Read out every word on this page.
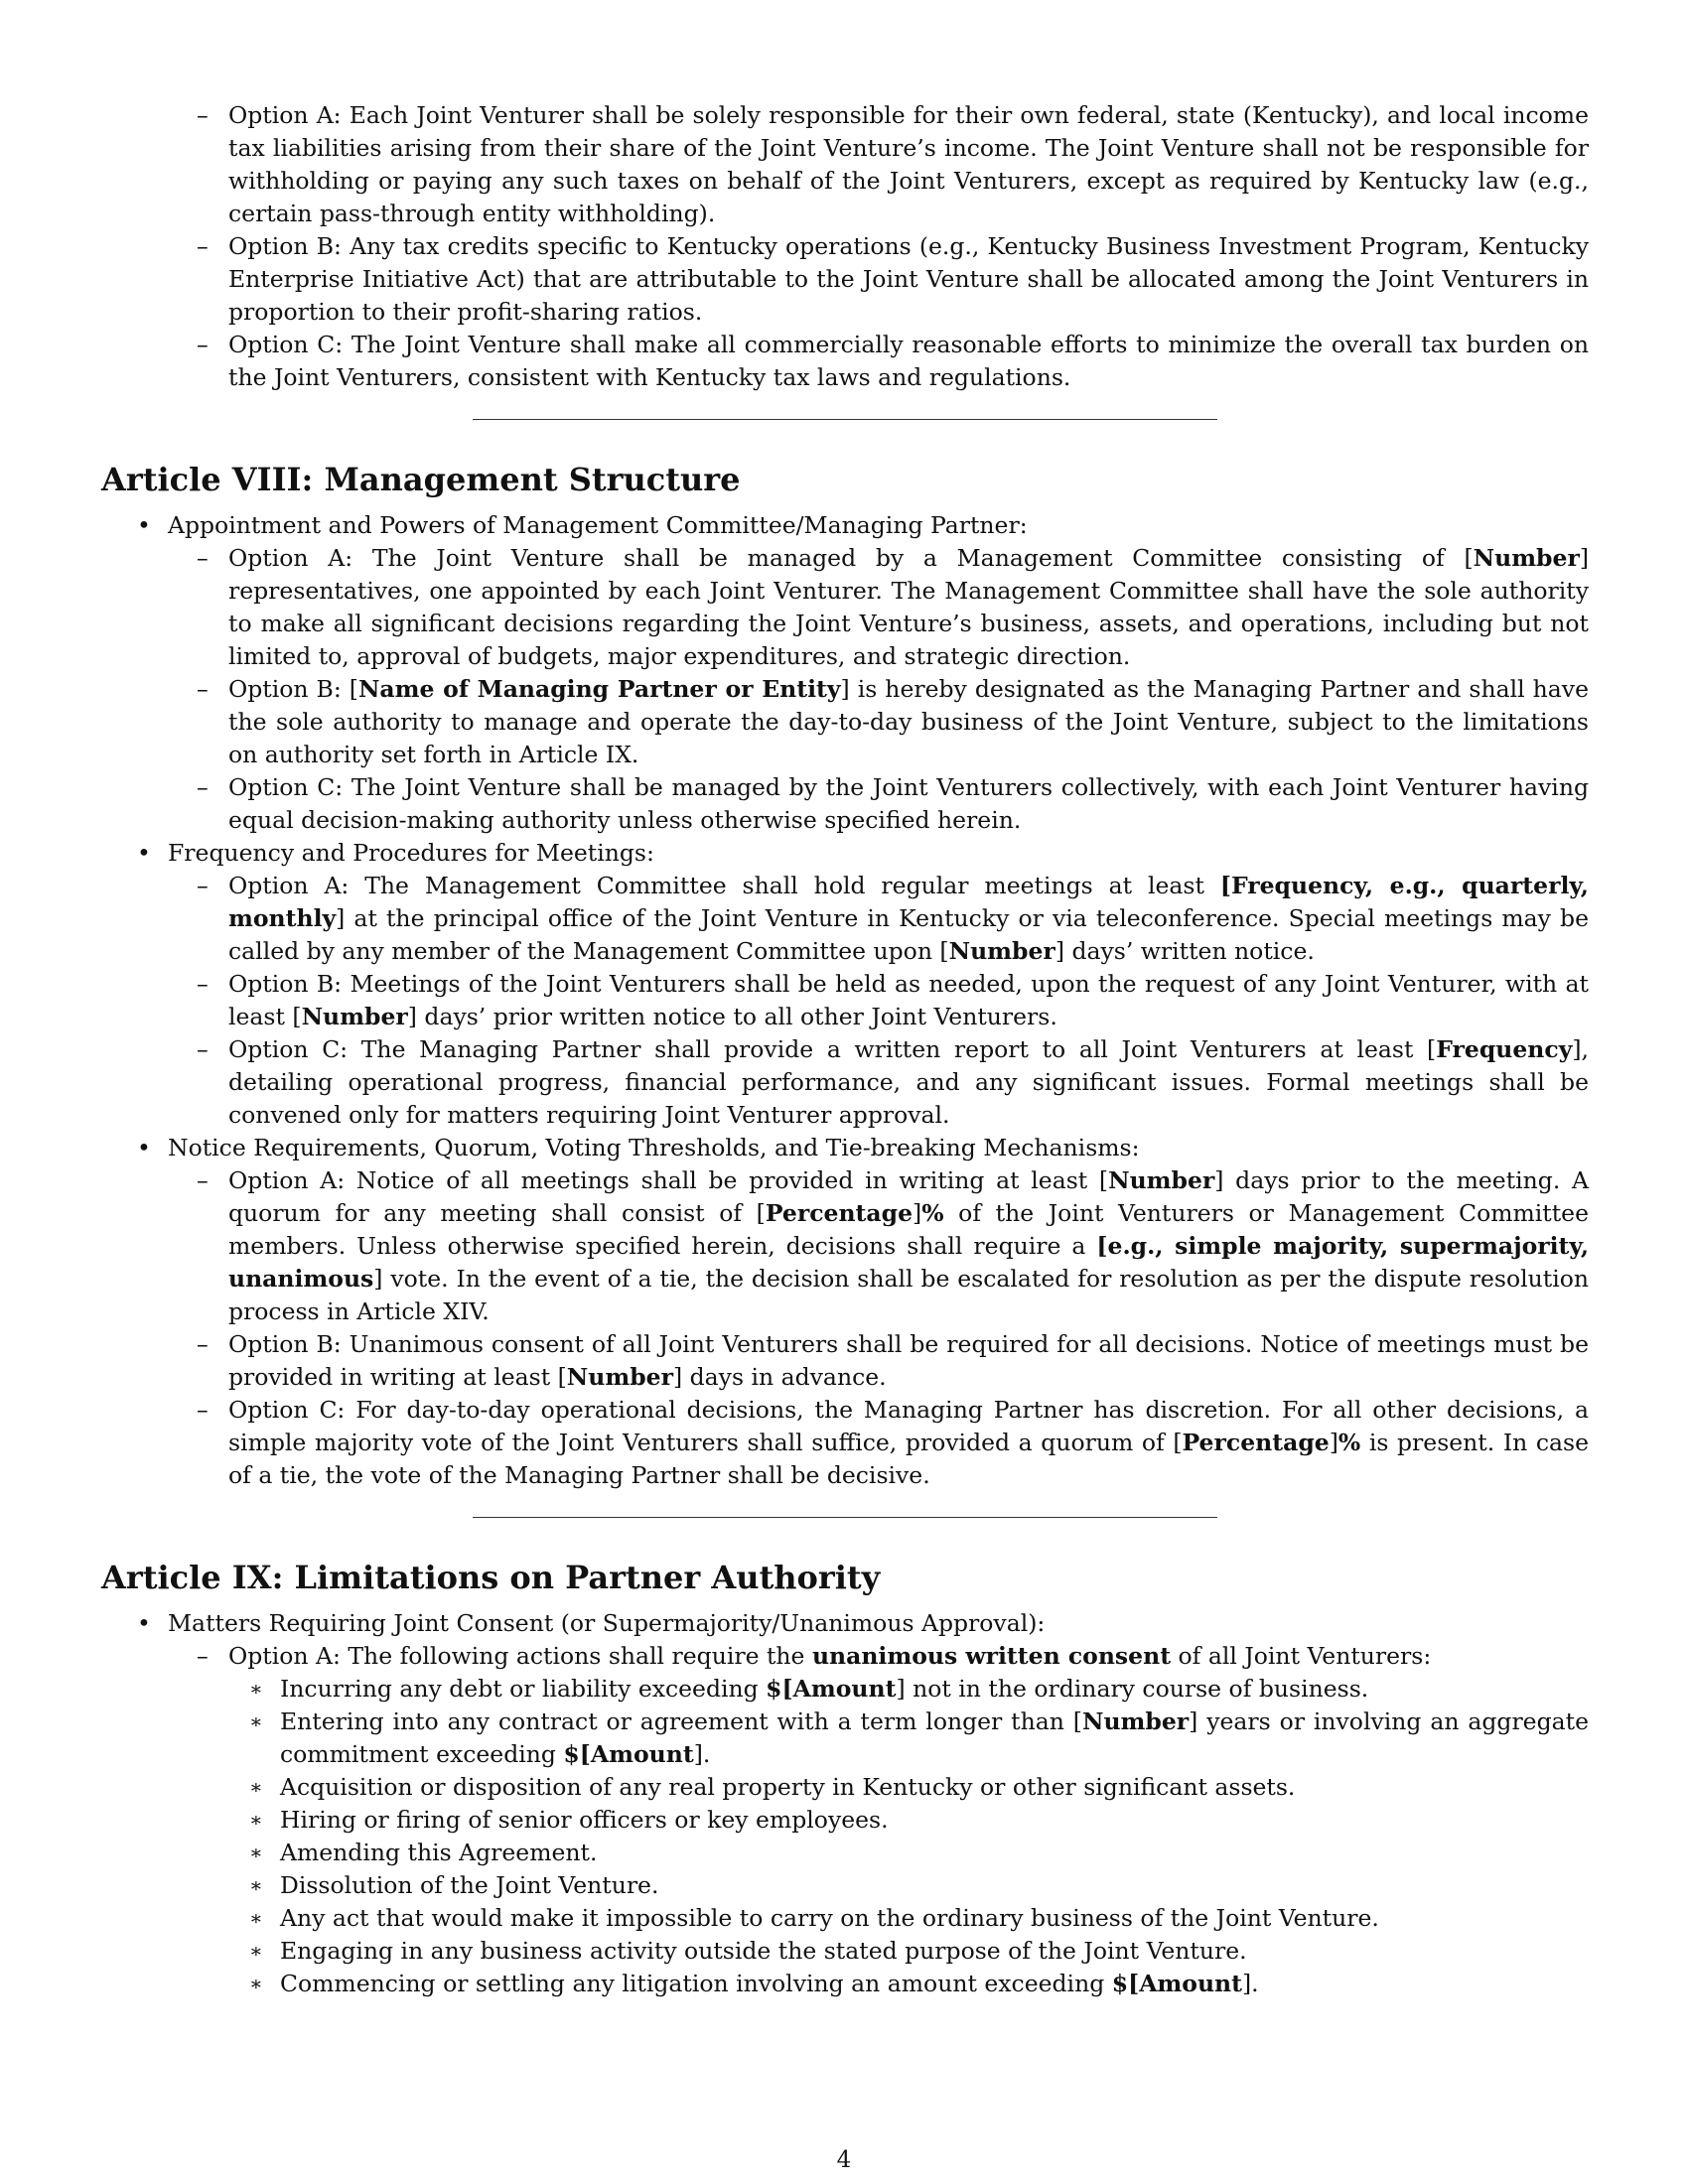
– Option A: Each Joint Venturer shall be solely responsible for their own federal, state (Kentucky), and local income tax liabilities arising from their share of the Joint Venture’s income. The Joint Venture shall not be responsible for withholding or paying any such taxes on behalf of the Joint Venturers, except as required by Kentucky law (e.g., certain pass-through entity withholding).
– Option B: Any tax credits specific to Kentucky operations (e.g., Kentucky Business Investment Program, Kentucky Enterprise Initiative Act) that are attributable to the Joint Venture shall be allocated among the Joint Venturers in proportion to their profit-sharing ratios.
– Option C: The Joint Venture shall make all commercially reasonable efforts to minimize the overall tax burden on the Joint Venturers, consistent with Kentucky tax laws and regulations.
Article VIII: Management Structure
• Appointment and Powers of Management Committee/Managing Partner:
– Option A: The Joint Venture shall be managed by a Management Committee consisting of [Number] representatives, one appointed by each Joint Venturer. The Management Committee shall have the sole authority to make all significant decisions regarding the Joint Venture’s business, assets, and operations, including but not limited to, approval of budgets, major expenditures, and strategic direction.
– Option B: [Name of Managing Partner or Entity] is hereby designated as the Managing Partner and shall have the sole authority to manage and operate the day-to-day business of the Joint Venture, subject to the limitations on authority set forth in Article IX.
– Option C: The Joint Venture shall be managed by the Joint Venturers collectively, with each Joint Venturer having equal decision-making authority unless otherwise specified herein.
• Frequency and Procedures for Meetings:
– Option A: The Management Committee shall hold regular meetings at least [Frequency, e.g., quarterly, monthly] at the principal office of the Joint Venture in Kentucky or via teleconference. Special meetings may be called by any member of the Management Committee upon [Number] days’ written notice.
– Option B: Meetings of the Joint Venturers shall be held as needed, upon the request of any Joint Venturer, with at least [Number] days’ prior written notice to all other Joint Venturers.
– Option C: The Managing Partner shall provide a written report to all Joint Venturers at least [Frequency], detailing operational progress, financial performance, and any significant issues. Formal meetings shall be convened only for matters requiring Joint Venturer approval.
• Notice Requirements, Quorum, Voting Thresholds, and Tie-breaking Mechanisms:
– Option A: Notice of all meetings shall be provided in writing at least [Number] days prior to the meeting. A quorum for any meeting shall consist of [Percentage]% of the Joint Venturers or Management Committee members. Unless otherwise specified herein, decisions shall require a [e.g., simple majority, supermajority, unanimous] vote. In the event of a tie, the decision shall be escalated for resolution as per the dispute resolution process in Article XIV.
– Option B: Unanimous consent of all Joint Venturers shall be required for all decisions. Notice of meetings must be provided in writing at least [Number] days in advance.
– Option C: For day-to-day operational decisions, the Managing Partner has discretion. For all other decisions, a simple majority vote of the Joint Venturers shall suffice, provided a quorum of [Percentage]% is present. In case of a tie, the vote of the Managing Partner shall be decisive.
Article IX: Limitations on Partner Authority
• Matters Requiring Joint Consent (or Supermajority/Unanimous Approval):
– Option A: The following actions shall require the unanimous written consent of all Joint Venturers:
∗ Incurring any debt or liability exceeding $[Amount] not in the ordinary course of business.
∗ Entering into any contract or agreement with a term longer than [Number] years or involving an aggregate commitment exceeding $[Amount].
∗ Acquisition or disposition of any real property in Kentucky or other significant assets.
∗ Hiring or firing of senior officers or key employees.
∗ Amending this Agreement.
∗ Dissolution of the Joint Venture.
∗ Any act that would make it impossible to carry on the ordinary business of the Joint Venture.
∗ Engaging in any business activity outside the stated purpose of the Joint Venture.
∗ Commencing or settling any litigation involving an amount exceeding $[Amount].
4
